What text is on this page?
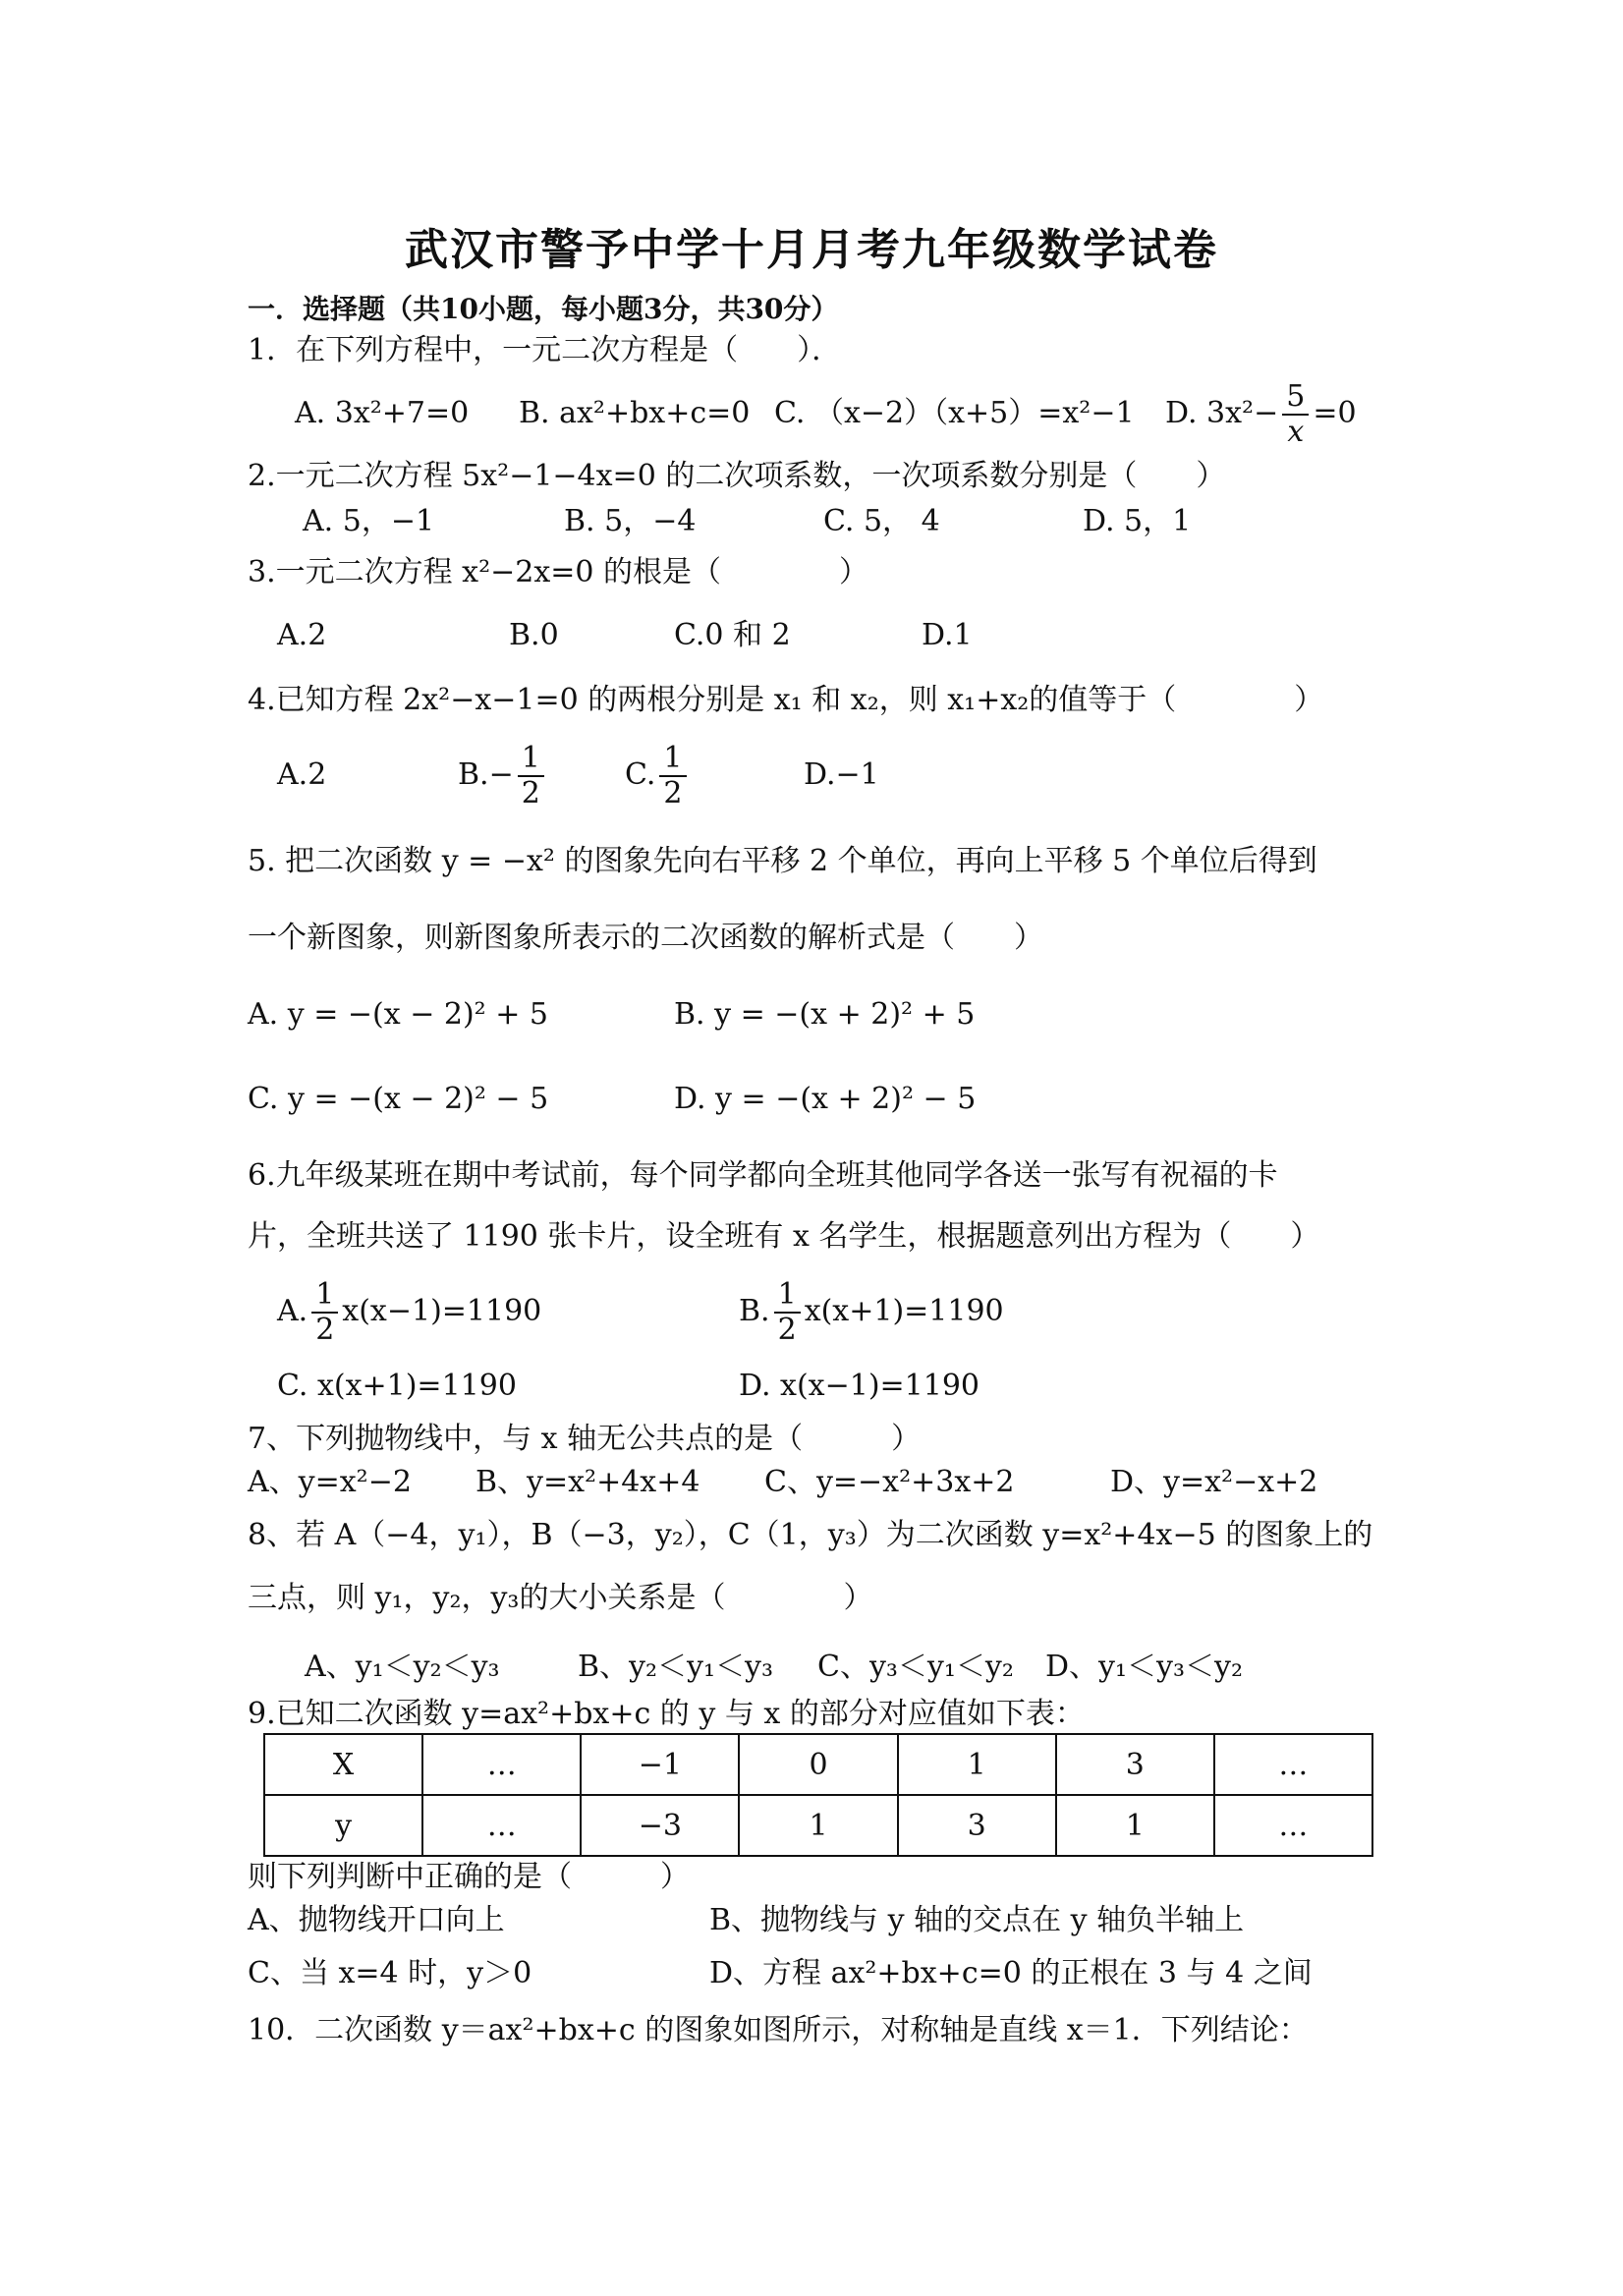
武汉市警予中学十月月考九年级数学试卷
一．选择题（共10小题，每小题3分，共30分）
1．在下列方程中，一元二次方程是（　　）．
A. 3x²+7=0 B. ax²+bx+c=0 C. （x−2）（x+5）=x²−1 D. $3x^2- \frac{5}{x} =0$
2.一元二次方程 5x²−1−4x=0 的二次项系数，一次项系数分别是（　　）
A. 5，−1	B. 5，−4	C. 5， 4	D. 5，1
3.一元二次方程 x²−2x=0 的根是（　　　　）
A.2	B.0	C.0 和 2	D.1
4.已知方程 2x²−x−1=0 的两根分别是 x₁ 和 x₂，则 x₁+x₂的值等于（　　　　）
A.2	$B.- \frac{1}{2}$	C. $\frac{1}{2}$	D.−1
5. 把二次函数 y = −x² 的图象先向右平移 2 个单位，再向上平移 5 个单位后得到
一个新图象，则新图象所表示的二次函数的解析式是（　　）
A. y = −(x − 2)² + 5	B. y = −(x + 2)² + 5
C. y = −(x − 2)² − 5	D. y = −(x + 2)² − 5
6.九年级某班在期中考试前，每个同学都向全班其他同学各送一张写有祝福的卡
片，全班共送了 1190 张卡片，设全班有 x 名学生，根据题意列出方程为（　　）
A. $\frac{1}{2} x(x-1)=1190$	B. $\frac{1}{2} x(x+1)=1190$
C. x(x+1)=1190	D. x(x−1)=1190
7、下列抛物线中，与 x 轴无公共点的是（　　　）
A、y=x²−2 B、y=x²+4x+4 C、y=−x²+3x+2	D、y=x²−x+2
8、若 A（−4，y₁），B（−3，y₂），C（1，y₃）为二次函数 y=x²+4x−5 的图象上的
三点，则 y₁，y₂，y₃的大小关系是（　　　　）
A、y₁＜y₂＜y₃	B、y₂＜y₁＜y₃ C、y₃＜y₁＜y₂ D、y₁＜y₃＜y₂
9.已知二次函数 y=ax²+bx+c 的 y 与 x 的部分对应值如下表：
X	…	−1	0	1	3	…
y	…	−3	1	3	1	…
则下列判断中正确的是（　　　）
A、抛物线开口向上	B、抛物线与 y 轴的交点在 y 轴负半轴上
C、当 x=4 时，y＞0	D、方程 ax²+bx+c=0 的正根在 3 与 4 之间
10．二次函数 y＝ax²+bx+c 的图象如图所示，对称轴是直线 x＝1．下列结论：
